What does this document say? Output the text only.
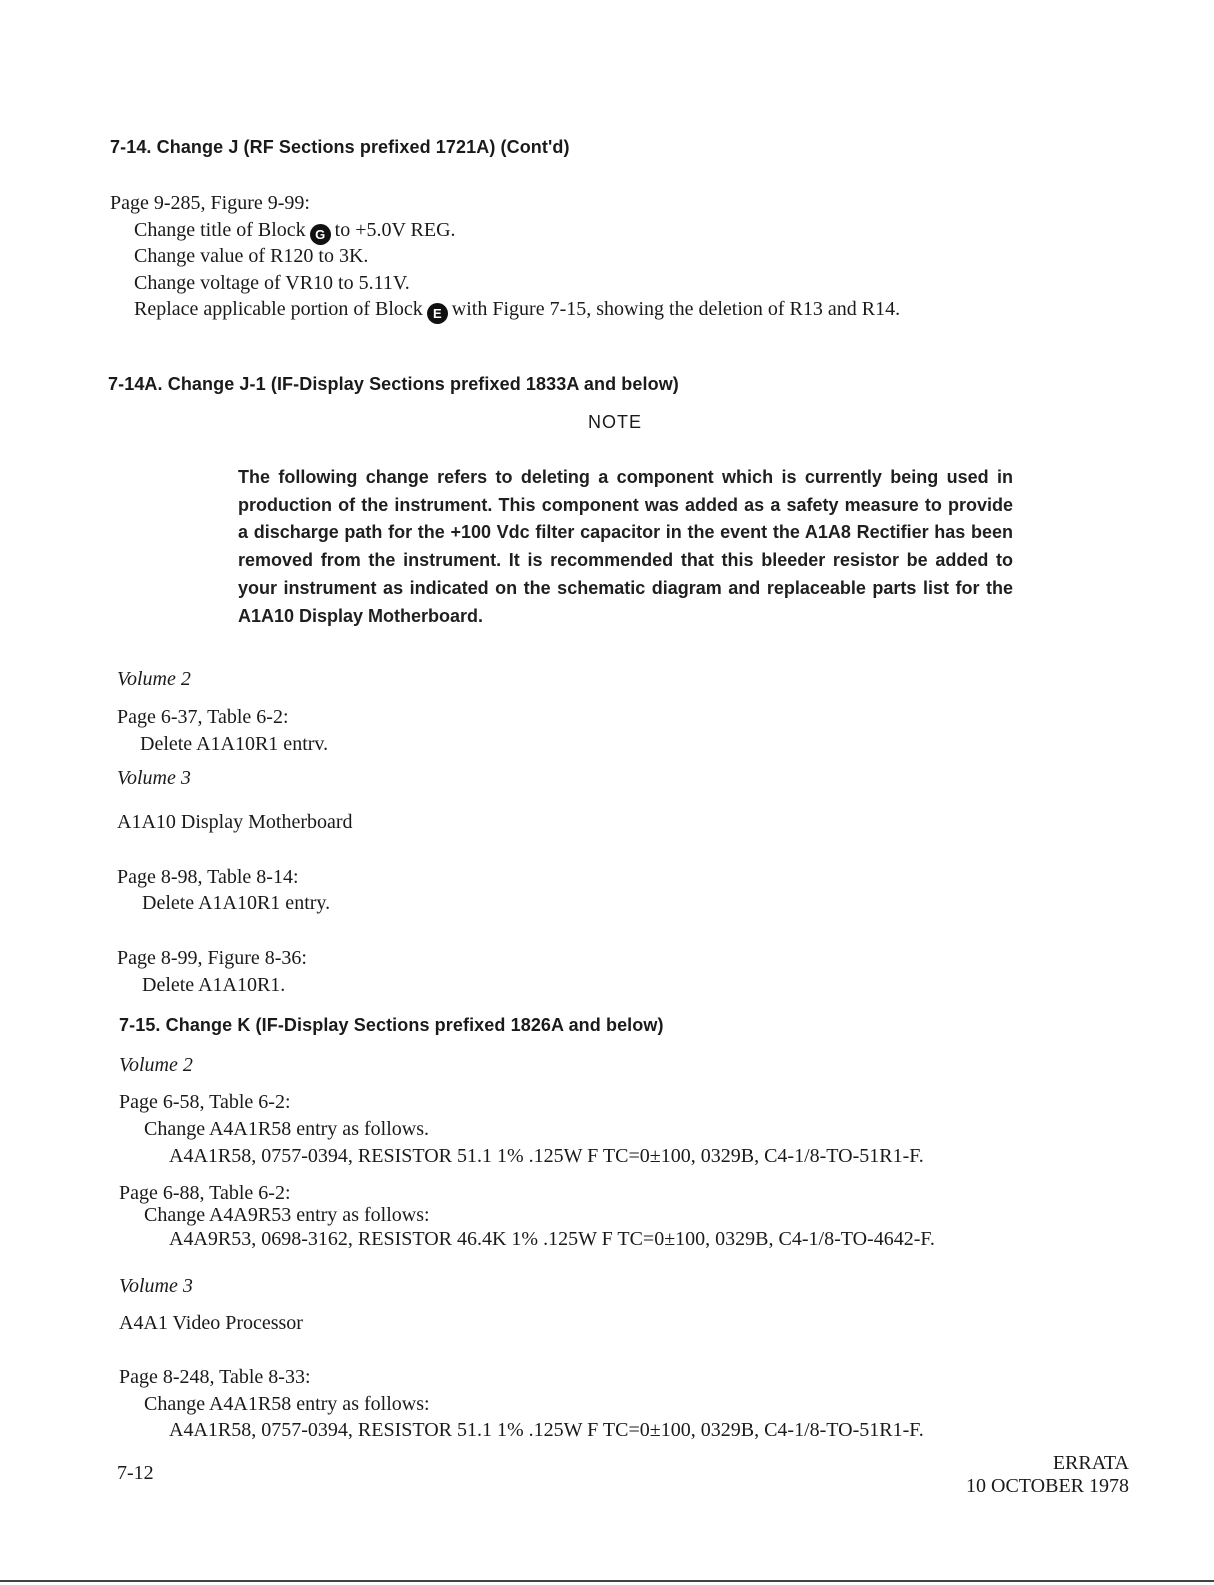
7-14. Change J (RF Sections prefixed 1721A) (Cont'd)
Page 9-285, Figure 9-99:
Change title of Block G to +5.0V REG.
Change value of R120 to 3K.
Change voltage of VR10 to 5.11V.
Replace applicable portion of Block E with Figure 7-15, showing the deletion of R13 and R14.
7-14A. Change J-1 (IF-Display Sections prefixed 1833A and below)
NOTE
The following change refers to deleting a component which is currently being used in production of the instrument. This component was added as a safety measure to provide a discharge path for the +100 Vdc filter capacitor in the event the A1A8 Rectifier has been removed from the instrument. It is recommended that this bleeder resistor be added to your instrument as indicated on the schematic diagram and replaceable parts list for the A1A10 Display Motherboard.
Volume 2
Page 6-37, Table 6-2:
Delete A1A10R1 entrv.
Volume 3
A1A10 Display Motherboard
Page 8-98, Table 8-14:
Delete A1A10R1 entry.
Page 8-99, Figure 8-36:
Delete A1A10R1.
7-15. Change K (IF-Display Sections prefixed 1826A and below)
Volume 2
Page 6-58, Table 6-2:
Change A4A1R58 entry as follows.
A4A1R58, 0757-0394, RESISTOR 51.1 1% .125W F TC=0±100, 0329B, C4-1/8-TO-51R1-F.
Page 6-88, Table 6-2:
Change A4A9R53 entry as follows:
A4A9R53, 0698-3162, RESISTOR 46.4K 1% .125W F TC=0±100, 0329B, C4-1/8-TO-4642-F.
Volume 3
A4A1 Video Processor
Page 8-248, Table 8-33:
Change A4A1R58 entry as follows:
A4A1R58, 0757-0394, RESISTOR 51.1 1% .125W F TC=0±100, 0329B, C4-1/8-TO-51R1-F.
7-12	ERRATA
10 OCTOBER 1978
